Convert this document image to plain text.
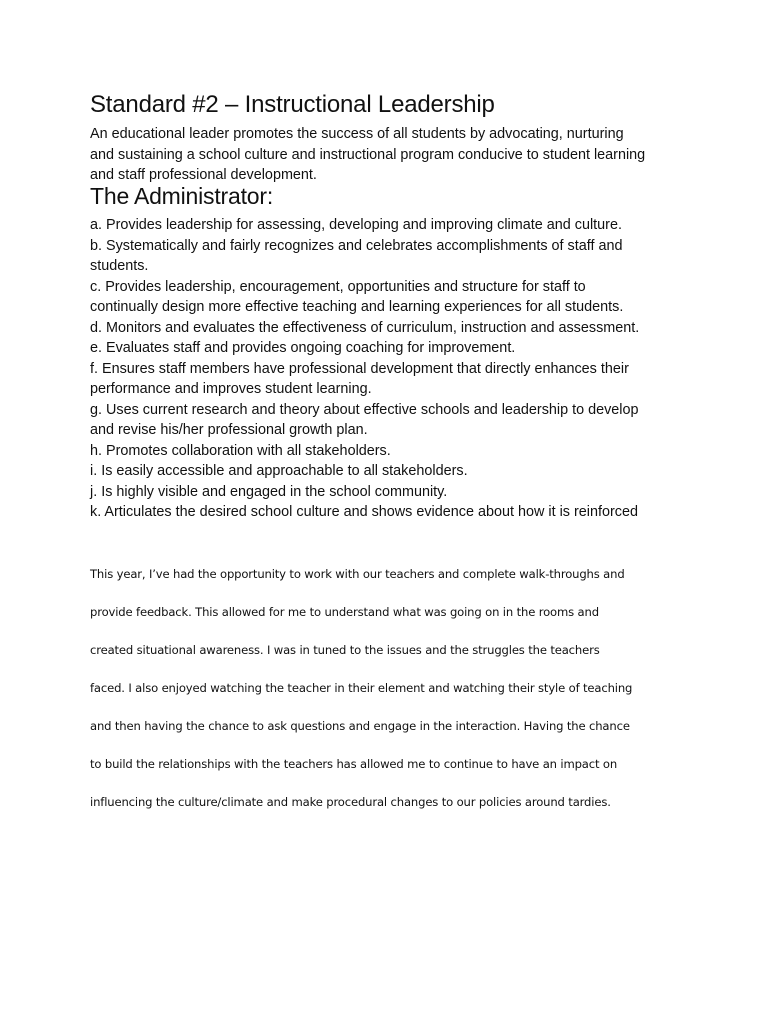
Standard #2 – Instructional Leadership

An educational leader promotes the success of all students by advocating, nurturing
and sustaining a school culture and instructional program conducive to student learning
and staff professional development.

The Administrator:
a. Provides leadership for assessing, developing and improving climate and culture.
b. Systematically and fairly recognizes and celebrates accomplishments of staff and
students.
c. Provides leadership, encouragement, opportunities and structure for staff to
continually design more effective teaching and learning experiences for all students.
d. Monitors and evaluates the effectiveness of curriculum, instruction and assessment.
e. Evaluates staff and provides ongoing coaching for improvement.
f. Ensures staff members have professional development that directly enhances their
performance and improves student learning.
g. Uses current research and theory about effective schools and leadership to develop
and revise his/her professional growth plan.
h. Promotes collaboration with all stakeholders.
i. Is easily accessible and approachable to all stakeholders.
j. Is highly visible and engaged in the school community.
k. Articulates the desired school culture and shows evidence about how it is reinforced

This year, I’ve had the opportunity to work with our teachers and complete walk-throughs and
provide feedback. This allowed for me to understand what was going on in the rooms and
created situational awareness. I was in tuned to the issues and the struggles the teachers
faced. I also enjoyed watching the teacher in their element and watching their style of teaching
and then having the chance to ask questions and engage in the interaction. Having the chance
to build the relationships with the teachers has allowed me to continue to have an impact on
influencing the culture/climate and make procedural changes to our policies around tardies.
